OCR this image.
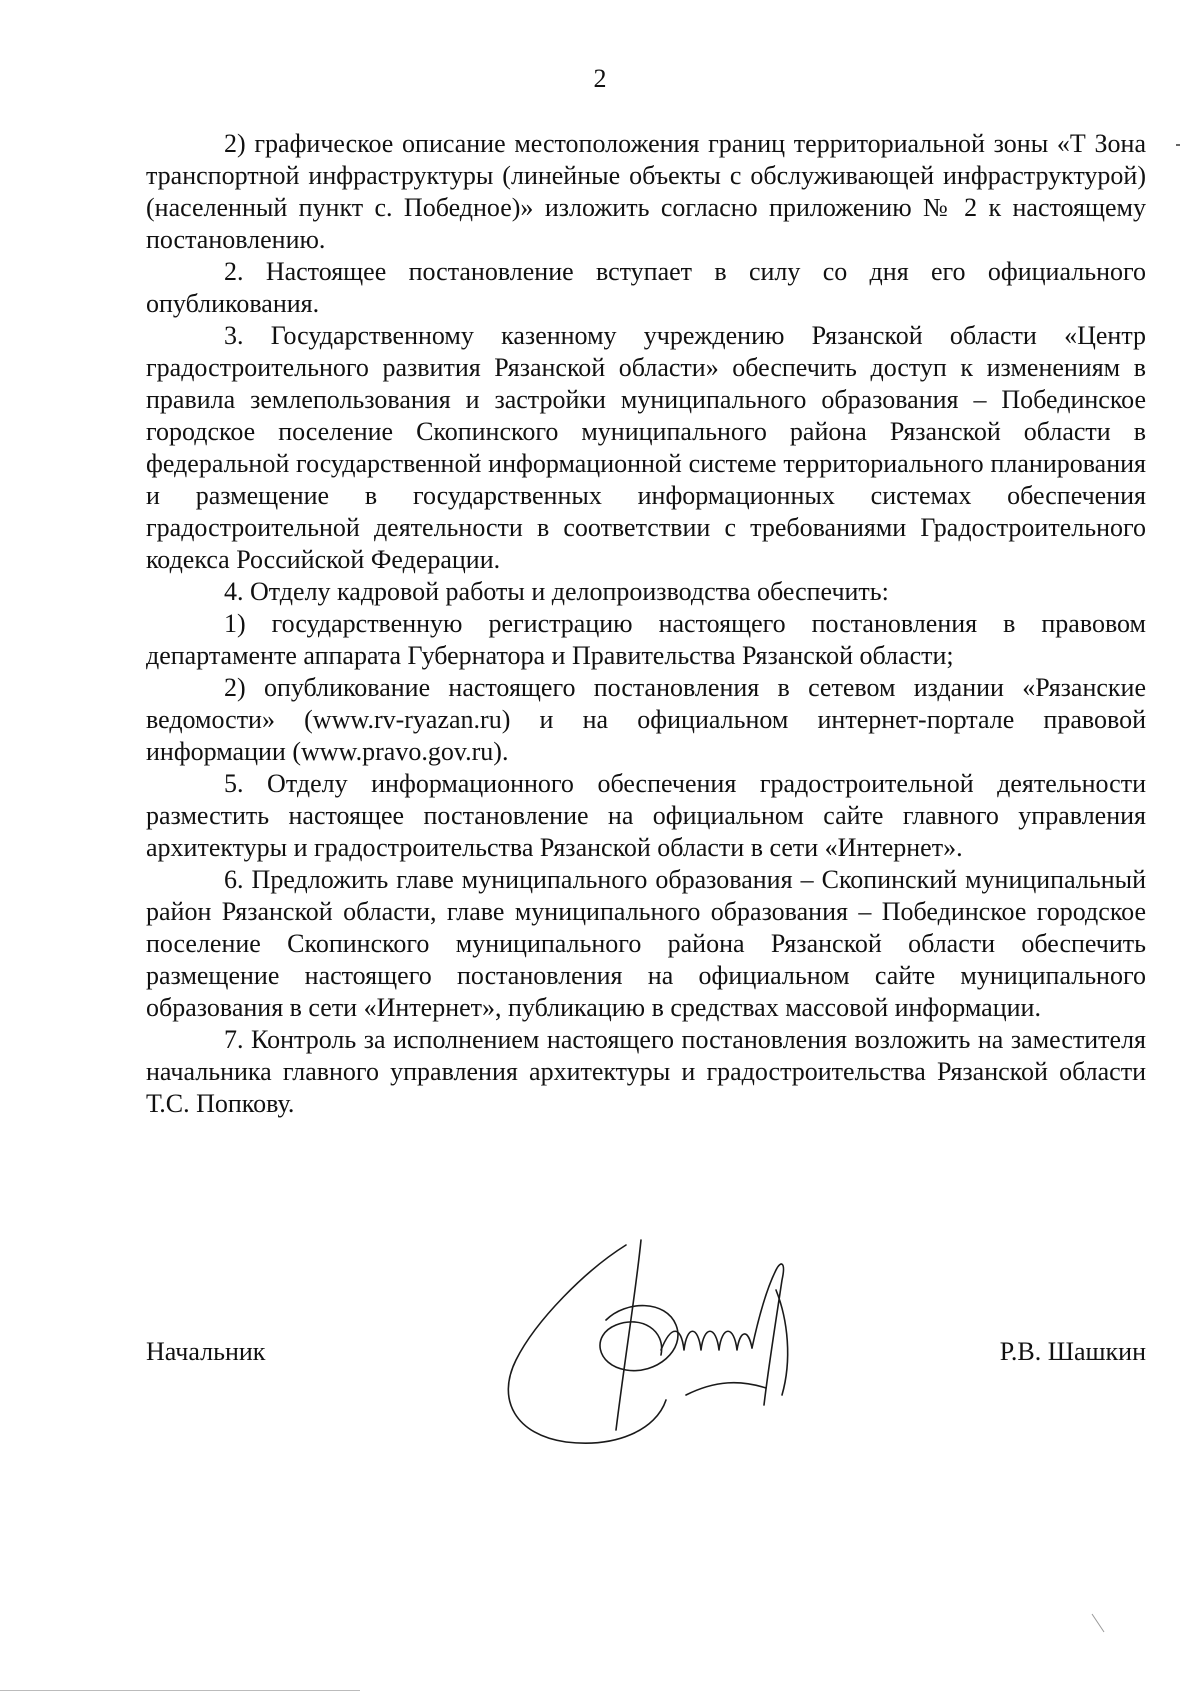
2

2) графическое описание местоположения границ территориальной зоны «Т Зона транспортной инфраструктуры (линейные объекты с обслуживающей инфраструктурой) (населенный пункт с. Победное)» изложить согласно приложению № 2 к настоящему постановлению.

2. Настоящее постановление вступает в силу со дня его официального опубликования.

3. Государственному казенному учреждению Рязанской области «Центр градостроительного развития Рязанской области» обеспечить доступ к изменениям в правила землепользования и застройки муниципального образования – Побединское городское поселение Скопинского муниципального района Рязанской области в федеральной государственной информационной системе территориального планирования и размещение в государственных информационных системах обеспечения градостроительной деятельности в соответствии с требованиями Градостроительного кодекса Российской Федерации.

4. Отделу кадровой работы и делопроизводства обеспечить:

1) государственную регистрацию настоящего постановления в правовом департаменте аппарата Губернатора и Правительства Рязанской области;

2) опубликование настоящего постановления в сетевом издании «Рязанские ведомости» (www.rv-ryazan.ru) и на официальном интернет-портале правовой информации (www.pravo.gov.ru).

5. Отделу информационного обеспечения градостроительной деятельности разместить настоящее постановление на официальном сайте главного управления архитектуры и градостроительства Рязанской области в сети «Интернет».

6. Предложить главе муниципального образования – Скопинский муниципальный район Рязанской области, главе муниципального образования – Побединское городское поселение Скопинского муниципального района Рязанской области обеспечить размещение настоящего постановления на официальном сайте муниципального образования в сети «Интернет», публикацию в средствах массовой информации.

7. Контроль за исполнением настоящего постановления возложить на заместителя начальника главного управления архитектуры и градостроительства Рязанской области Т.С. Попкову.

Начальник	Р.В. Шашкин
